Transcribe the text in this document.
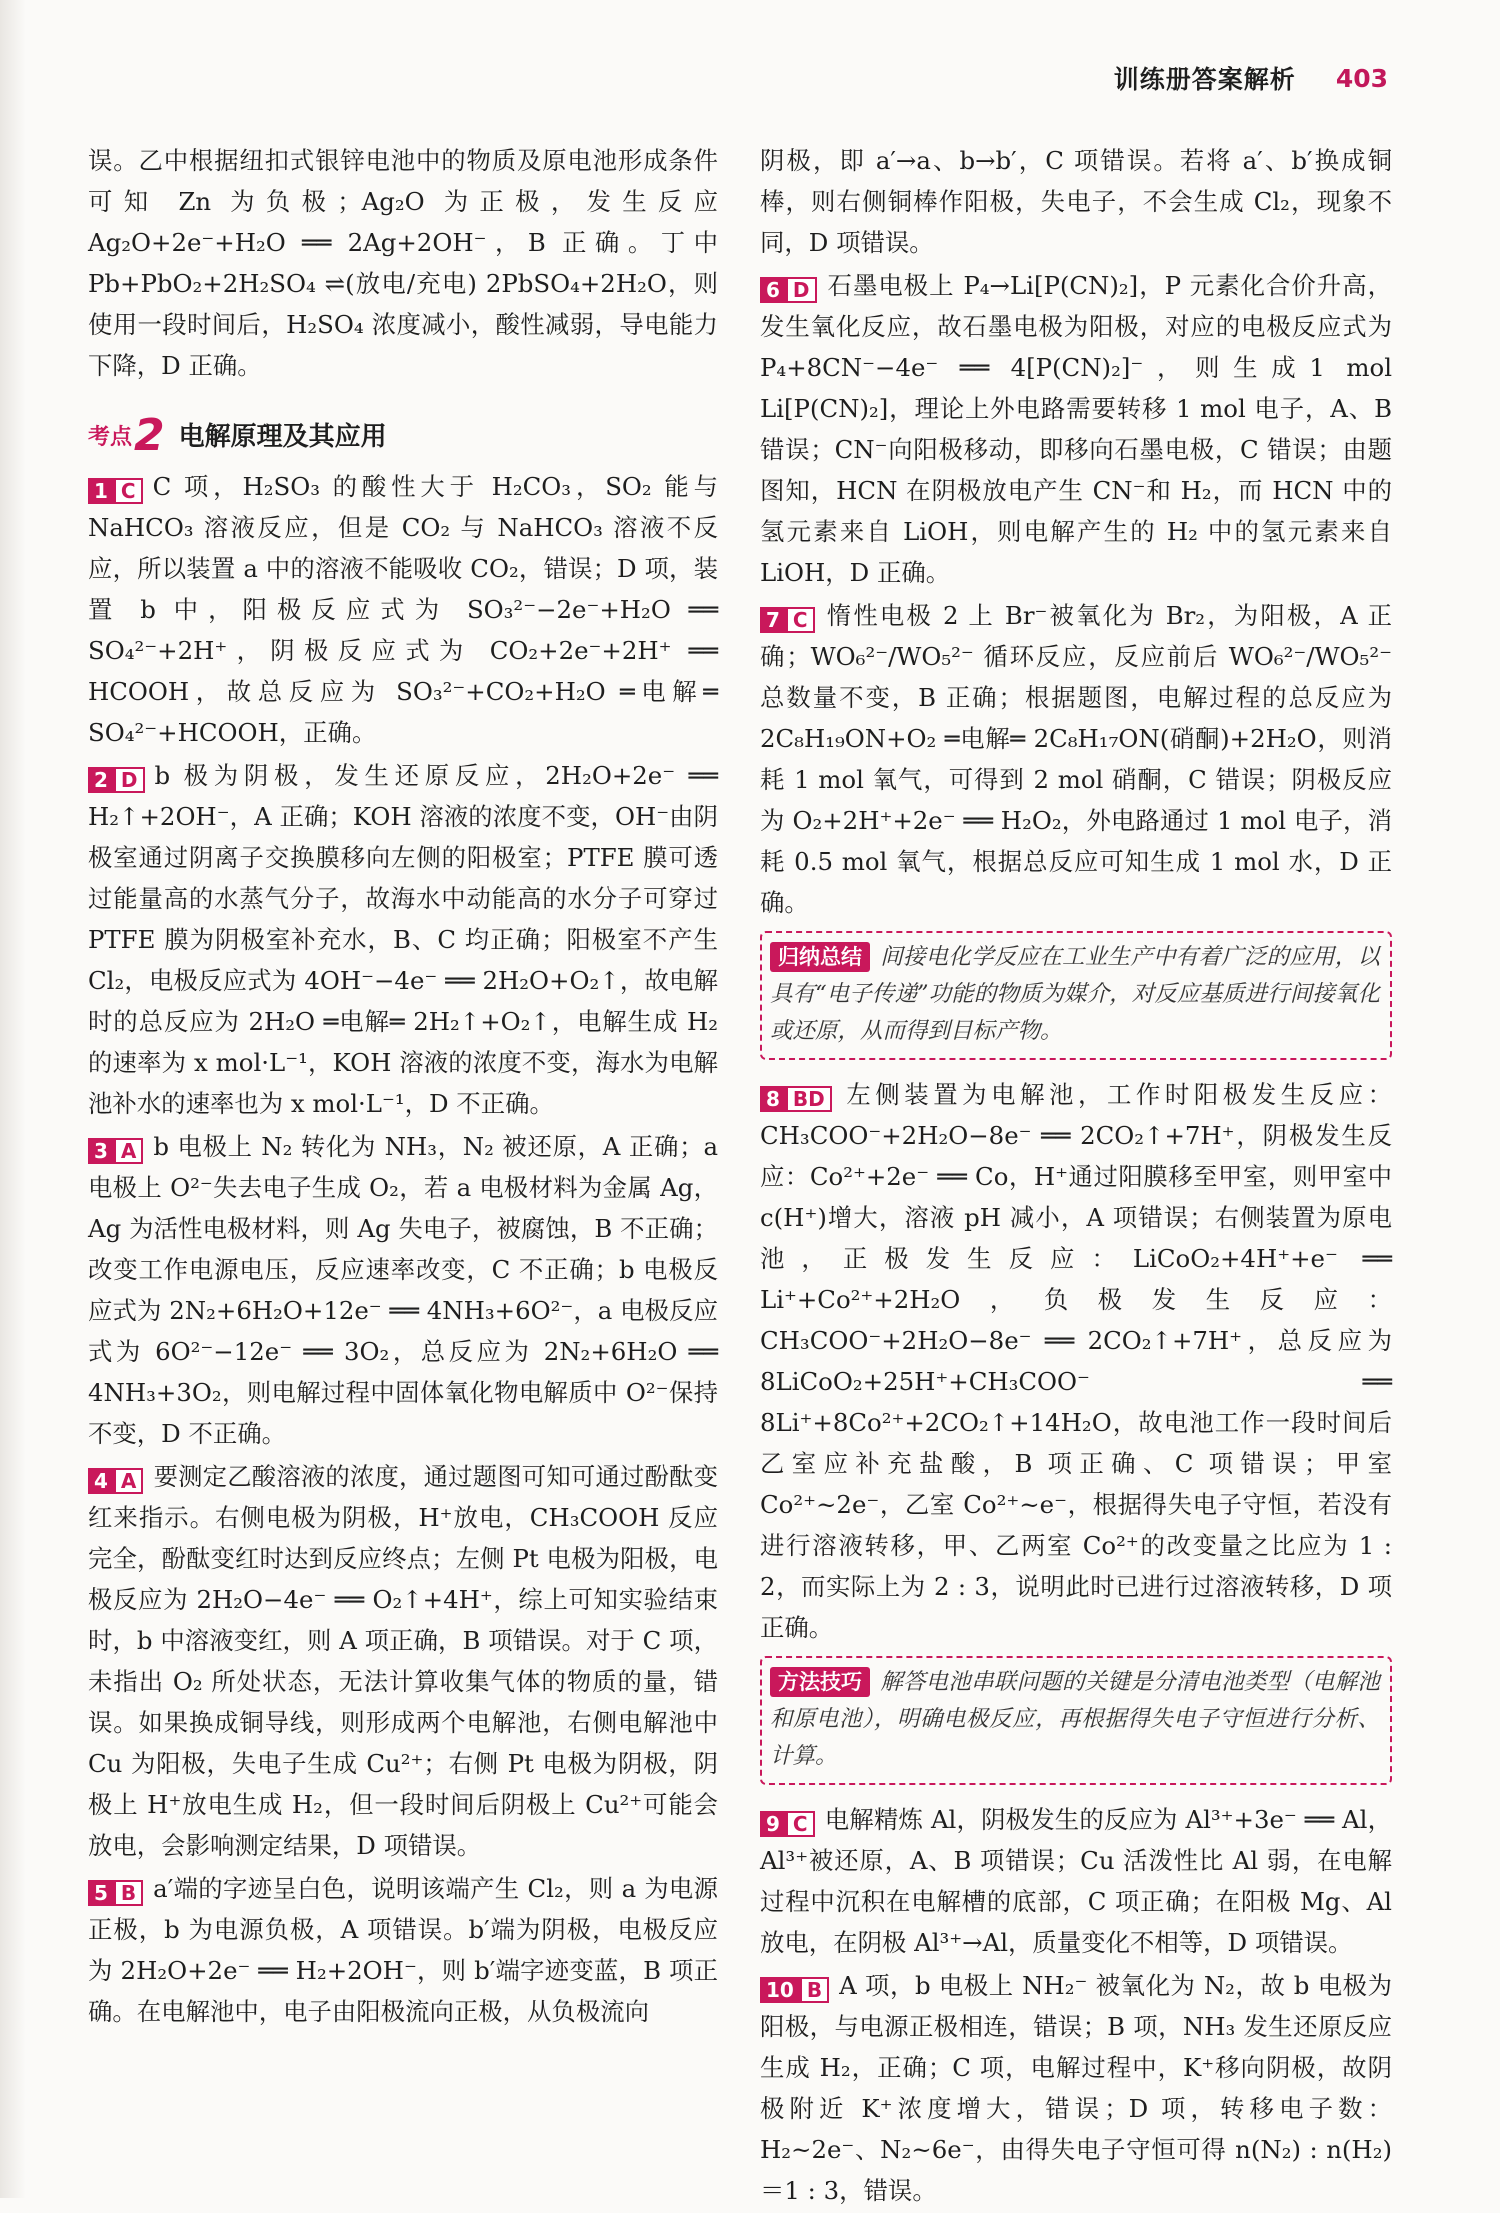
训练册答案解析 403

误。乙中根据纽扣式银锌电池中的物质及原电池形成条件可知 Zn 为负极；Ag₂O 为正极，发生反应 Ag₂O+2e⁻+H₂O ══ 2Ag+2OH⁻，B 正确。丁中 Pb+PbO₂+2H₂SO₄ ⇌(放电/充电) 2PbSO₄+2H₂O，则使用一段时间后，H₂SO₄ 浓度减小，酸性减弱，导电能力下降，D 正确。

考点 2 电解原理及其应用

1 C C 项，H₂SO₃ 的酸性大于 H₂CO₃，SO₂ 能与 NaHCO₃ 溶液反应，但是 CO₂ 与 NaHCO₃ 溶液不反应，所以装置 a 中的溶液不能吸收 CO₂，错误；D 项，装置 b 中，阳极反应式为 SO₃²⁻−2e⁻+H₂O ══ SO₄²⁻+2H⁺，阴极反应式为 CO₂+2e⁻+2H⁺ ══ HCOOH，故总反应为 SO₃²⁻+CO₂+H₂O ═电解═ SO₄²⁻+HCOOH，正确。

2 D b 极为阴极，发生还原反应，2H₂O+2e⁻ ══ H₂↑+2OH⁻，A 正确；KOH 溶液的浓度不变，OH⁻由阴极室通过阴离子交换膜移向左侧的阳极室；PTFE 膜可透过能量高的水蒸气分子，故海水中动能高的水分子可穿过 PTFE 膜为阴极室补充水，B、C 均正确；阳极室不产生 Cl₂，电极反应式为 4OH⁻−4e⁻ ══ 2H₂O+O₂↑，故电解时的总反应为 2H₂O ═电解═ 2H₂↑+O₂↑，电解生成 H₂ 的速率为 x mol·L⁻¹，KOH 溶液的浓度不变，海水为电解池补水的速率也为 x mol·L⁻¹，D 不正确。

3 A b 电极上 N₂ 转化为 NH₃，N₂ 被还原，A 正确；a 电极上 O²⁻失去电子生成 O₂，若 a 电极材料为金属 Ag，Ag 为活性电极材料，则 Ag 失电子，被腐蚀，B 不正确；改变工作电源电压，反应速率改变，C 不正确；b 电极反应式为 2N₂+6H₂O+12e⁻ ══ 4NH₃+6O²⁻，a 电极反应式为 6O²⁻−12e⁻ ══ 3O₂，总反应为 2N₂+6H₂O ══ 4NH₃+3O₂，则电解过程中固体氧化物电解质中 O²⁻保持不变，D 不正确。

4 A 要测定乙酸溶液的浓度，通过题图可知可通过酚酞变红来指示。右侧电极为阴极，H⁺放电，CH₃COOH 反应完全，酚酞变红时达到反应终点；左侧 Pt 电极为阳极，电极反应为 2H₂O−4e⁻ ══ O₂↑+4H⁺，综上可知实验结束时，b 中溶液变红，则 A 项正确，B 项错误。对于 C 项，未指出 O₂ 所处状态，无法计算收集气体的物质的量，错误。如果换成铜导线，则形成两个电解池，右侧电解池中 Cu 为阳极，失电子生成 Cu²⁺；右侧 Pt 电极为阴极，阴极上 H⁺放电生成 H₂，但一段时间后阴极上 Cu²⁺可能会放电，会影响测定结果，D 项错误。

5 B a′端的字迹呈白色，说明该端产生 Cl₂，则 a 为电源正极，b 为电源负极，A 项错误。b′端为阴极，电极反应为 2H₂O+2e⁻ ══ H₂+2OH⁻，则 b′端字迹变蓝，B 项正确。在电解池中，电子由阳极流向正极，从负极流向

阴极，即 a′→a、b→b′，C 项错误。若将 a′、b′换成铜棒，则右侧铜棒作阳极，失电子，不会生成 Cl₂，现象不同，D 项错误。

6 D 石墨电极上 P₄→Li[P(CN)₂]，P 元素化合价升高，发生氧化反应，故石墨电极为阳极，对应的电极反应式为 P₄+8CN⁻−4e⁻ ══ 4[P(CN)₂]⁻，则生成1 mol Li[P(CN)₂]，理论上外电路需要转移 1 mol 电子，A、B 错误；CN⁻向阳极移动，即移向石墨电极，C 错误；由题图知，HCN 在阴极放电产生 CN⁻和 H₂，而 HCN 中的氢元素来自 LiOH，则电解产生的 H₂ 中的氢元素来自 LiOH，D 正确。

7 C 惰性电极 2 上 Br⁻被氧化为 Br₂，为阳极，A 正确；WO₆²⁻/WO₅²⁻ 循环反应，反应前后 WO₆²⁻/WO₅²⁻ 总数量不变，B 正确；根据题图，电解过程的总反应为 2C₈H₁₉ON+O₂ ═电解═ 2C₈H₁₇ON(硝酮)+2H₂O，则消耗 1 mol 氧气，可得到 2 mol 硝酮，C 错误；阴极反应为 O₂+2H⁺+2e⁻ ══ H₂O₂，外电路通过 1 mol 电子，消耗 0.5 mol 氧气，根据总反应可知生成 1 mol 水，D 正确。

归纳总结 间接电化学反应在工业生产中有着广泛的应用，以具有“电子传递”功能的物质为媒介，对反应基质进行间接氧化或还原，从而得到目标产物。

8 BD 左侧装置为电解池，工作时阳极发生反应：CH₃COO⁻+2H₂O−8e⁻ ══ 2CO₂↑+7H⁺，阴极发生反应：Co²⁺+2e⁻ ══ Co，H⁺通过阳膜移至甲室，则甲室中 c(H⁺)增大，溶液 pH 减小，A 项错误；右侧装置为原电池，正极发生反应：LiCoO₂+4H⁺+e⁻ ══ Li⁺+Co²⁺+2H₂O，负极发生反应：CH₃COO⁻+2H₂O−8e⁻ ══ 2CO₂↑+7H⁺，总反应为 8LiCoO₂+25H⁺+CH₃COO⁻ ══ 8Li⁺+8Co²⁺+2CO₂↑+14H₂O，故电池工作一段时间后乙室应补充盐酸，B 项正确、C 项错误；甲室 Co²⁺~2e⁻，乙室 Co²⁺~e⁻，根据得失电子守恒，若没有进行溶液转移，甲、乙两室 Co²⁺的改变量之比应为 1 : 2，而实际上为 2 : 3，说明此时已进行过溶液转移，D 项正确。

方法技巧 解答电池串联问题的关键是分清电池类型（电解池和原电池），明确电极反应，再根据得失电子守恒进行分析、计算。

9 C 电解精炼 Al，阴极发生的反应为 Al³⁺+3e⁻ ══ Al，Al³⁺被还原，A、B 项错误；Cu 活泼性比 Al 弱，在电解过程中沉积在电解槽的底部，C 项正确；在阳极 Mg、Al 放电，在阴极 Al³⁺→Al，质量变化不相等，D 项错误。

10 B A 项，b 电极上 NH₂⁻ 被氧化为 N₂，故 b 电极为阳极，与电源正极相连，错误；B 项，NH₃ 发生还原反应生成 H₂，正确；C 项，电解过程中，K⁺移向阴极，故阴极附近 K⁺浓度增大，错误；D 项，转移电子数：H₂~2e⁻、N₂~6e⁻，由得失电子守恒可得 n(N₂) : n(H₂)＝1 : 3，错误。
